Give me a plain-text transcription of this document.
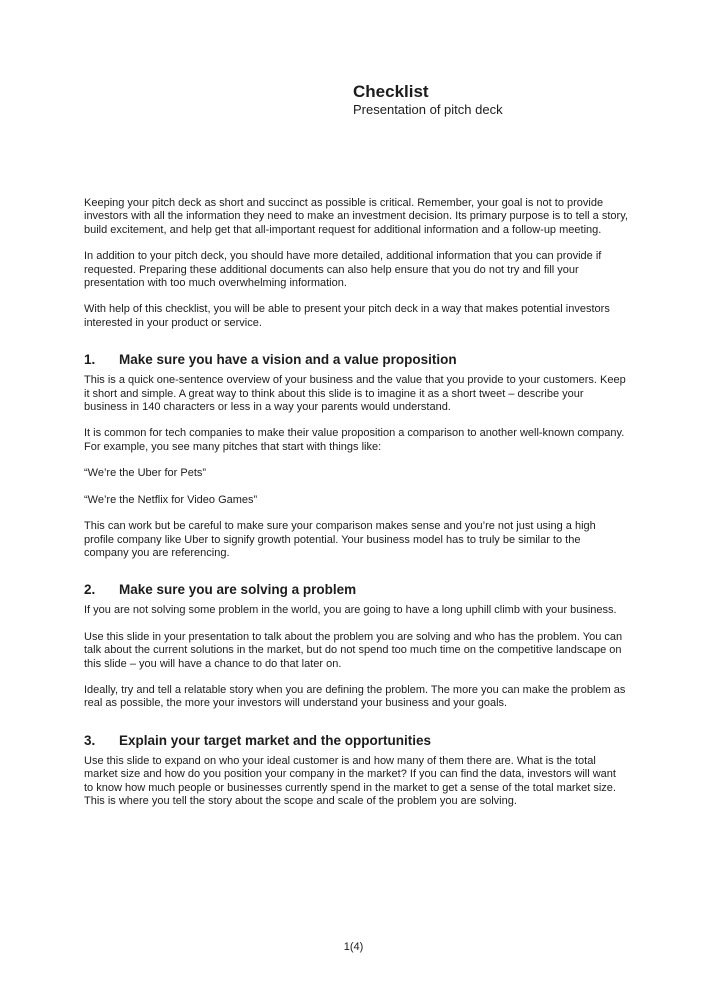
Checklist

Presentation of pitch deck

Keeping your pitch deck as short and succinct as possible is critical. Remember, your goal is not to provide investors with all the information they need to make an investment decision. Its primary purpose is to tell a story, build excitement, and help get that all-important request for additional information and a follow-up meeting.

In addition to your pitch deck, you should have more detailed, additional information that you can provide if requested. Preparing these additional documents can also help ensure that you do not try and fill your presentation with too much overwhelming information.

With help of this checklist, you will be able to present your pitch deck in a way that makes potential investors interested in your product or service.

1.	Make sure you have a vision and a value proposition

This is a quick one-sentence overview of your business and the value that you provide to your customers. Keep it short and simple. A great way to think about this slide is to imagine it as a short tweet – describe your business in 140 characters or less in a way your parents would understand.

It is common for tech companies to make their value proposition a comparison to another well-known company. For example, you see many pitches that start with things like:

“We’re the Uber for Pets”

“We’re the Netflix for Video Games”

This can work but be careful to make sure your comparison makes sense and you’re not just using a high profile company like Uber to signify growth potential. Your business model has to truly be similar to the company you are referencing.

2.	Make sure you are solving a problem

If you are not solving some problem in the world, you are going to have a long uphill climb with your business.

Use this slide in your presentation to talk about the problem you are solving and who has the problem. You can talk about the current solutions in the market, but do not spend too much time on the competitive landscape on this slide – you will have a chance to do that later on.

Ideally, try and tell a relatable story when you are defining the problem. The more you can make the problem as real as possible, the more your investors will understand your business and your goals.

3.	Explain your target market and the opportunities

Use this slide to expand on who your ideal customer is and how many of them there are. What is the total market size and how do you position your company in the market? If you can find the data, investors will want to know how much people or businesses currently spend in the market to get a sense of the total market size. This is where you tell the story about the scope and scale of the problem you are solving.

1(4)
